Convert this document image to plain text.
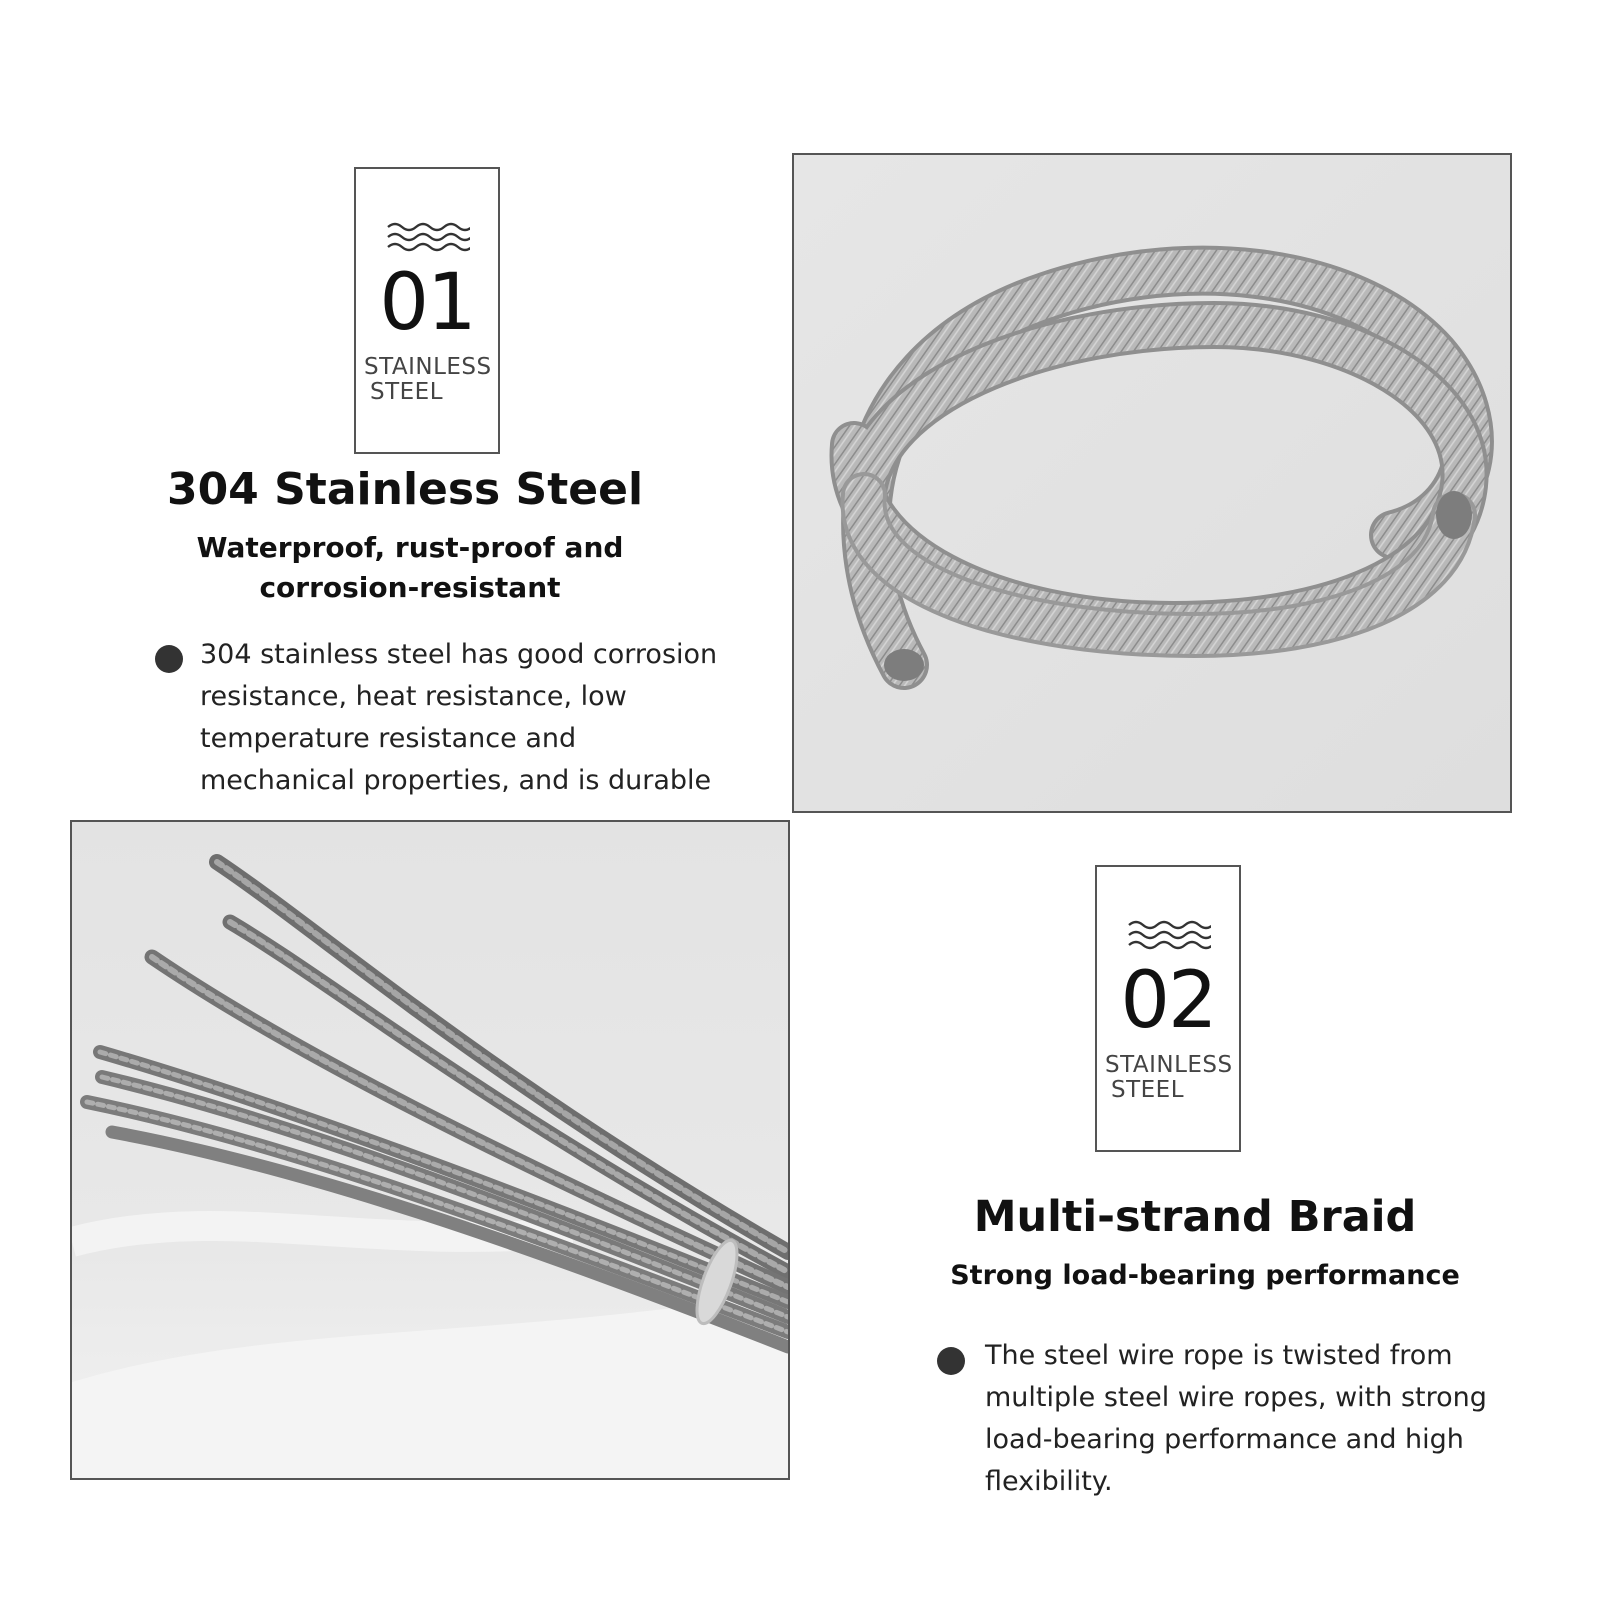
01
STAINLESS
STEEL
304 Stainless Steel
Waterproof, rust-proof and corrosion-resistant
304 stainless steel has good corrosion resistance, heat resistance, low temperature resistance and mechanical properties, and is durable
02
STAINLESS
STEEL
Multi-strand Braid
Strong load-bearing performance
The steel wire rope is twisted from multiple steel wire ropes, with strong load-bearing performance and high flexibility.
